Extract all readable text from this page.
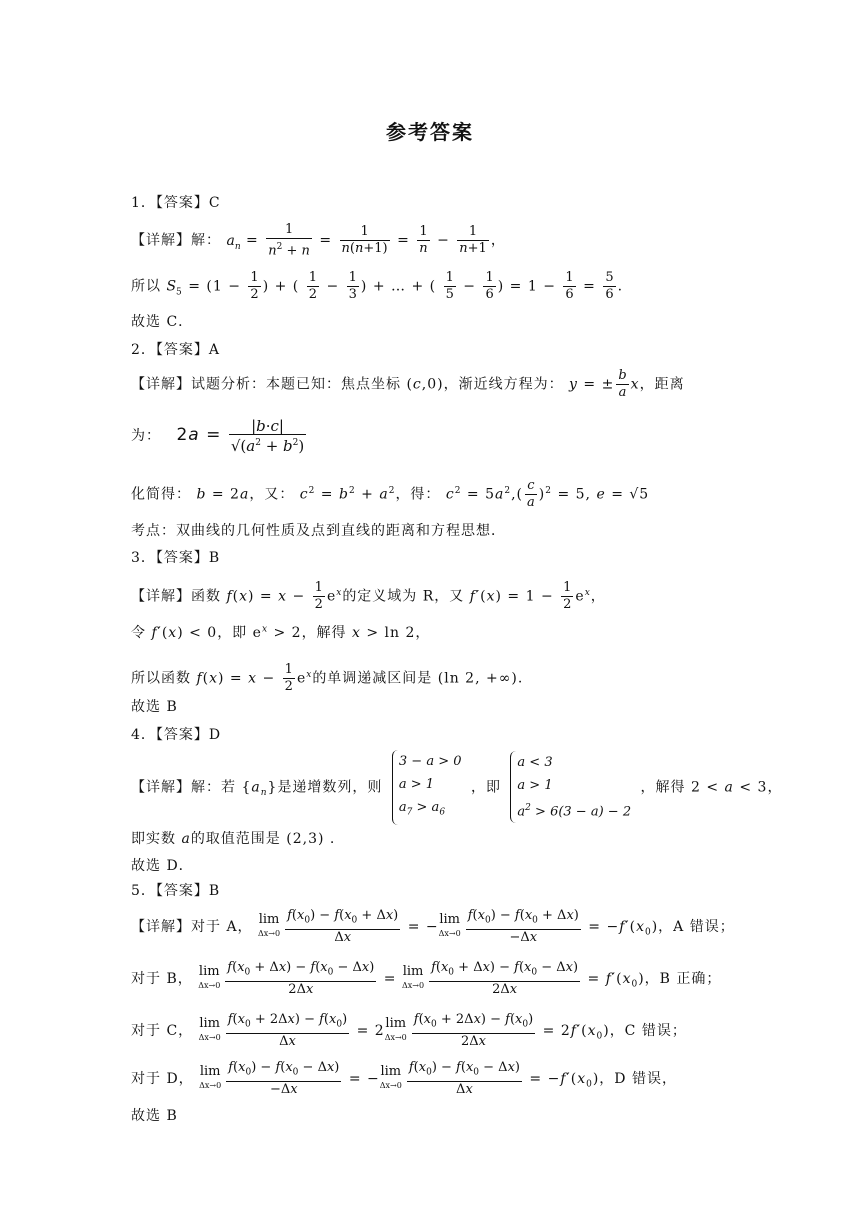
参考答案
1．【答案】C
【详解】解： $a_n = \frac{1}{n^2 + n} = \frac{1}{n(n+1)} = \frac{1}{n} - \frac{1}{n+1}$ ，
所以 $S_5 = (1 - \frac{1}{2}$ ) + ( $\frac{1}{2} - \frac{1}{3}$ ) + … + ( $\frac{1}{5} - \frac{1}{6}$ ) = $1 - \frac{1}{6} = \frac{5}{6}$ .
故选 C．
2．【答案】A
【详解】试题分析：本题已知：焦点坐标 (c,0)，渐近线方程为： y = ± $\frac{b}{a}$ x，距离
为： $2a = \frac{|b\cdot c|}{√(a^2 + b^2)}$
化简得： b = 2a，又： $c^2 = b^2 + a^2$，得： $c^2 = 5a^2,( \frac{c}{a} )^2 = 5$, e = √5
考点：双曲线的几何性质及点到直线的距离和方程思想．
3．【答案】B
【详解】函数 $f(x) = x - \frac{1}{2} e^x$的定义域为 R，又 $f'(x) = 1 - \frac{1}{2} e^x$，
令 f′(x) < 0，即 $e^x > 2$，解得 x > ln 2，
所以函数 $f(x) = x - \frac{1}{2} e^x$的单调递减区间是 (ln 2, +∞).
故选 B
4．【答案】D
【详解】解：若 $\{a_n\}$是递增数列，则
3 − a > 0
a > 1
$a_7 > a_6$
，即
a < 3
a > 1
$a^2 > 6(3 - a) - 2$
，解得 2 < a < 3，
即实数 a的取值范围是 (2,3) .
故选 D．
5．【答案】B
【详解】对于 A， lim
$\Delta x\to 0 \frac{f(x_0) - f(x_0 + \Delta x)}{\Delta x} = -\lim$
$\Delta x\to 0 \frac{f(x_0) - f(x_0 + \Delta x)}{-\Delta x} = -f'(x_0)$，A 错误；
对于 B， lim
$\Delta x\to 0 \frac{f(x_0 + \Delta x) - f(x_0 - \Delta x)}{2\Delta x} = \lim$
$\Delta x\to 0 \frac{f(x_0 + \Delta x) - f(x_0 - \Delta x)}{2\Delta x} = f'(x_0)$，B 正确；
对于 C， lim
$\Delta x\to 0 \frac{f(x_0 + 2\Delta x) - f(x_0)}{\Delta x} = 2\lim$
$\Delta x\to 0 \frac{f(x_0 + 2\Delta x) - f(x_0)}{2\Delta x} = 2f'(x_0)$，C 错误；
对于 D， lim
$\Delta x\to 0 \frac{f(x_0) - f(x_0 - \Delta x)}{-\Delta x} = -\lim$
$\Delta x\to 0 \frac{f(x_0) - f(x_0 - \Delta x)}{\Delta x} = -f'(x_0)$，D 错误，
故选 B
